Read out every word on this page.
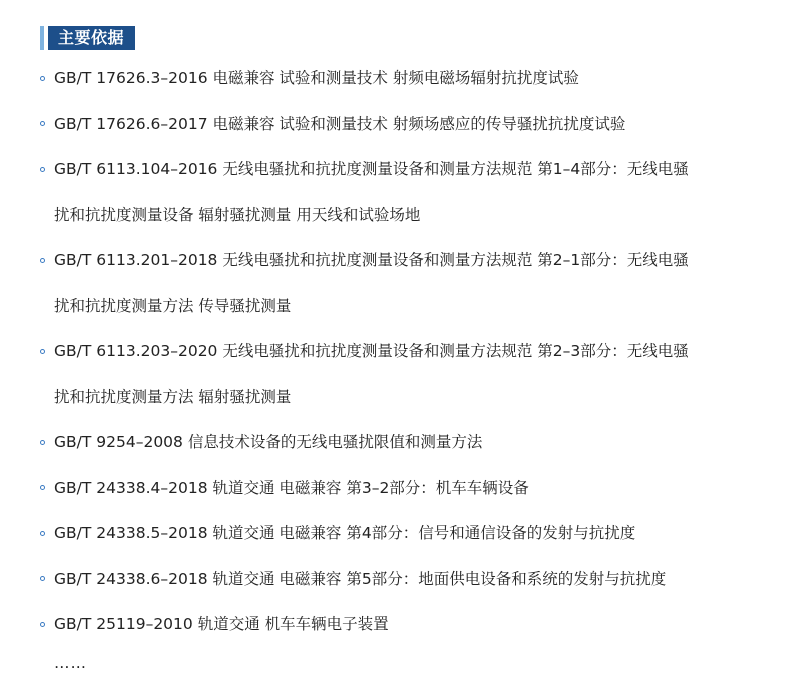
主要依据
GB/T 17626.3–2016 电磁兼容 试验和测量技术 射频电磁场辐射抗扰度试验
GB/T 17626.6–2017 电磁兼容 试验和测量技术 射频场感应的传导骚扰抗扰度试验
GB/T 6113.104–2016 无线电骚扰和抗扰度测量设备和测量方法规范 第1–4部分：无线电骚
扰和抗扰度测量设备 辐射骚扰测量 用天线和试验场地
GB/T 6113.201–2018 无线电骚扰和抗扰度测量设备和测量方法规范 第2–1部分：无线电骚
扰和抗扰度测量方法 传导骚扰测量
GB/T 6113.203–2020 无线电骚扰和抗扰度测量设备和测量方法规范 第2–3部分：无线电骚
扰和抗扰度测量方法 辐射骚扰测量
GB/T 9254–2008 信息技术设备的无线电骚扰限值和测量方法
GB/T 24338.4–2018 轨道交通 电磁兼容 第3–2部分：机车车辆设备
GB/T 24338.5–2018 轨道交通 电磁兼容 第4部分：信号和通信设备的发射与抗扰度
GB/T 24338.6–2018 轨道交通 电磁兼容 第5部分：地面供电设备和系统的发射与抗扰度
GB/T 25119–2010 轨道交通 机车车辆电子装置
……
